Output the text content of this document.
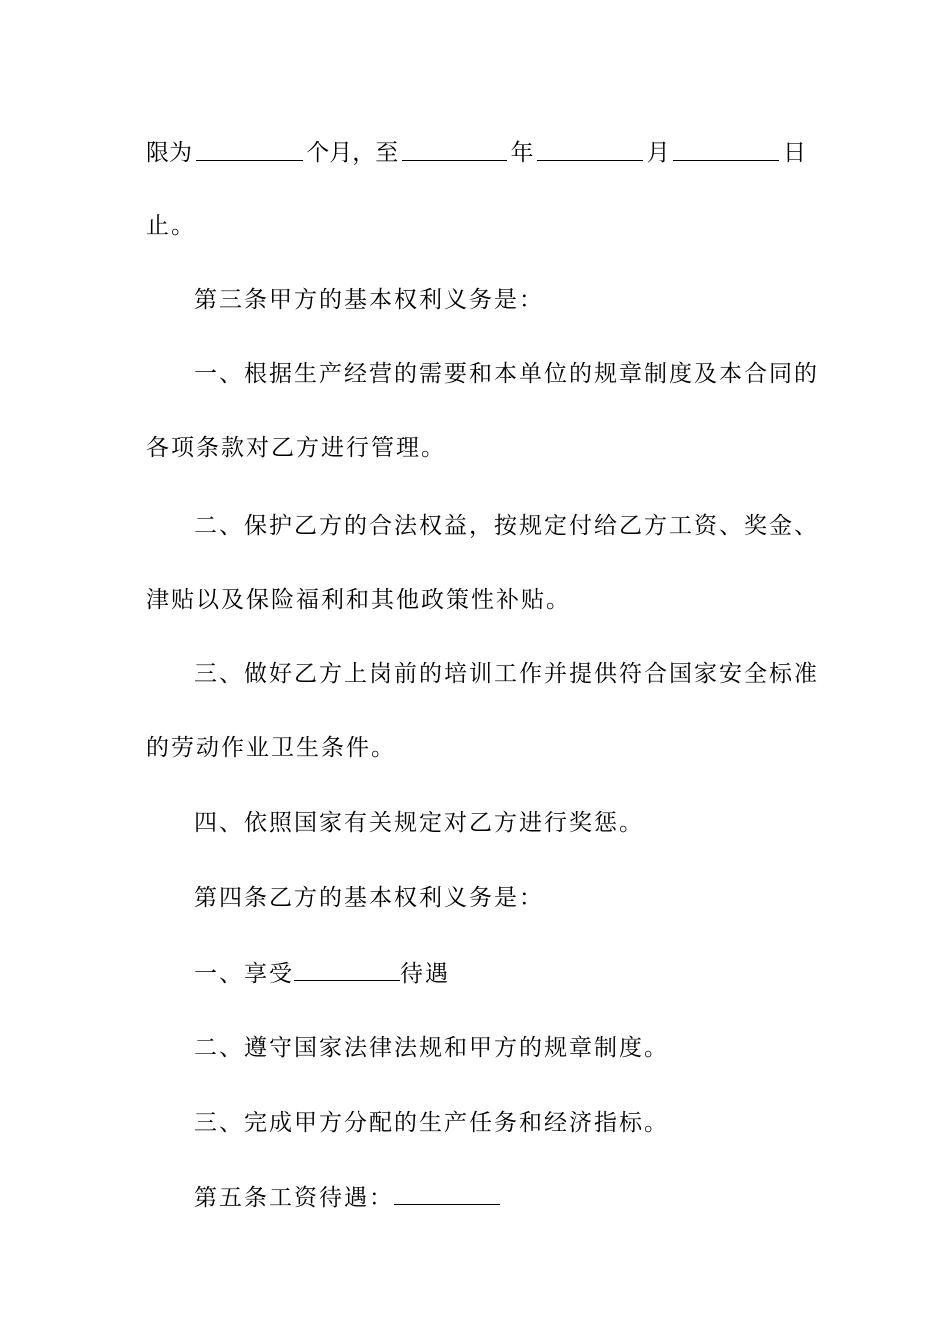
限为	个月，至	年	月	日
止。
第三条甲方的基本权利义务是：
一、根据生产经营的需要和本单位的规章制度及本合同的
各项条款对乙方进行管理。
二、保护乙方的合法权益，按规定付给乙方工资、奖金、
津贴以及保险福利和其他政策性补贴。
三、做好乙方上岗前的培训工作并提供符合国家安全标准
的劳动作业卫生条件。
四、依照国家有关规定对乙方进行奖惩。
第四条乙方的基本权利义务是：
一、享受	待遇
二、遵守国家法律法规和甲方的规章制度。
三、完成甲方分配的生产任务和经济指标。
第五条工资待遇：
